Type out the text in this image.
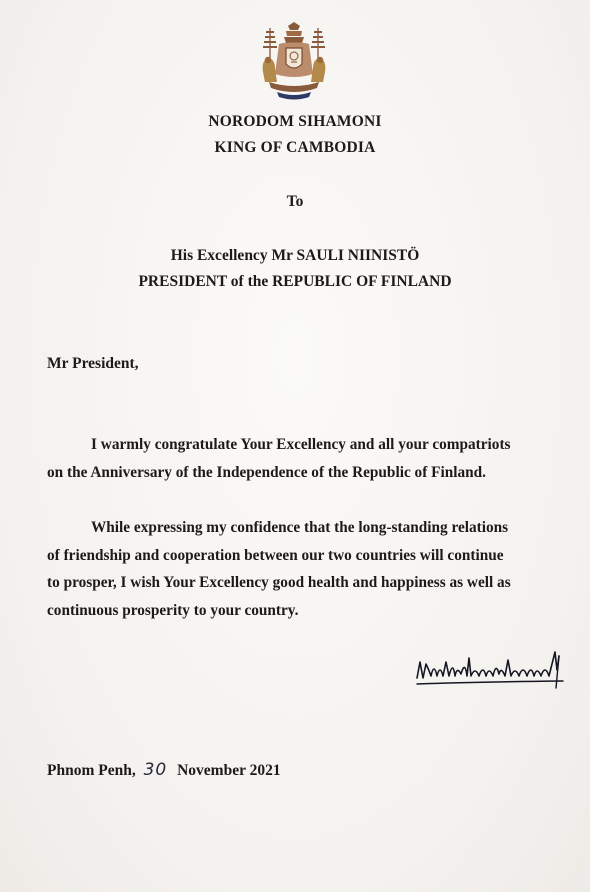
NORODOM SIHAMONI
KING OF CAMBODIA
To
His Excellency Mr SAULI NIINISTÖ
PRESIDENT of the REPUBLIC OF FINLAND
Mr President,
I warmly congratulate Your Excellency and all your compatriots
on the Anniversary of the Independence of the Republic of Finland.
While expressing my confidence that the long-standing relations
of friendship and cooperation between our two countries will continue
to prosper, I wish Your Excellency good health and happiness as well as
continuous prosperity to your country.
Phnom Penh, 30 November 2021
